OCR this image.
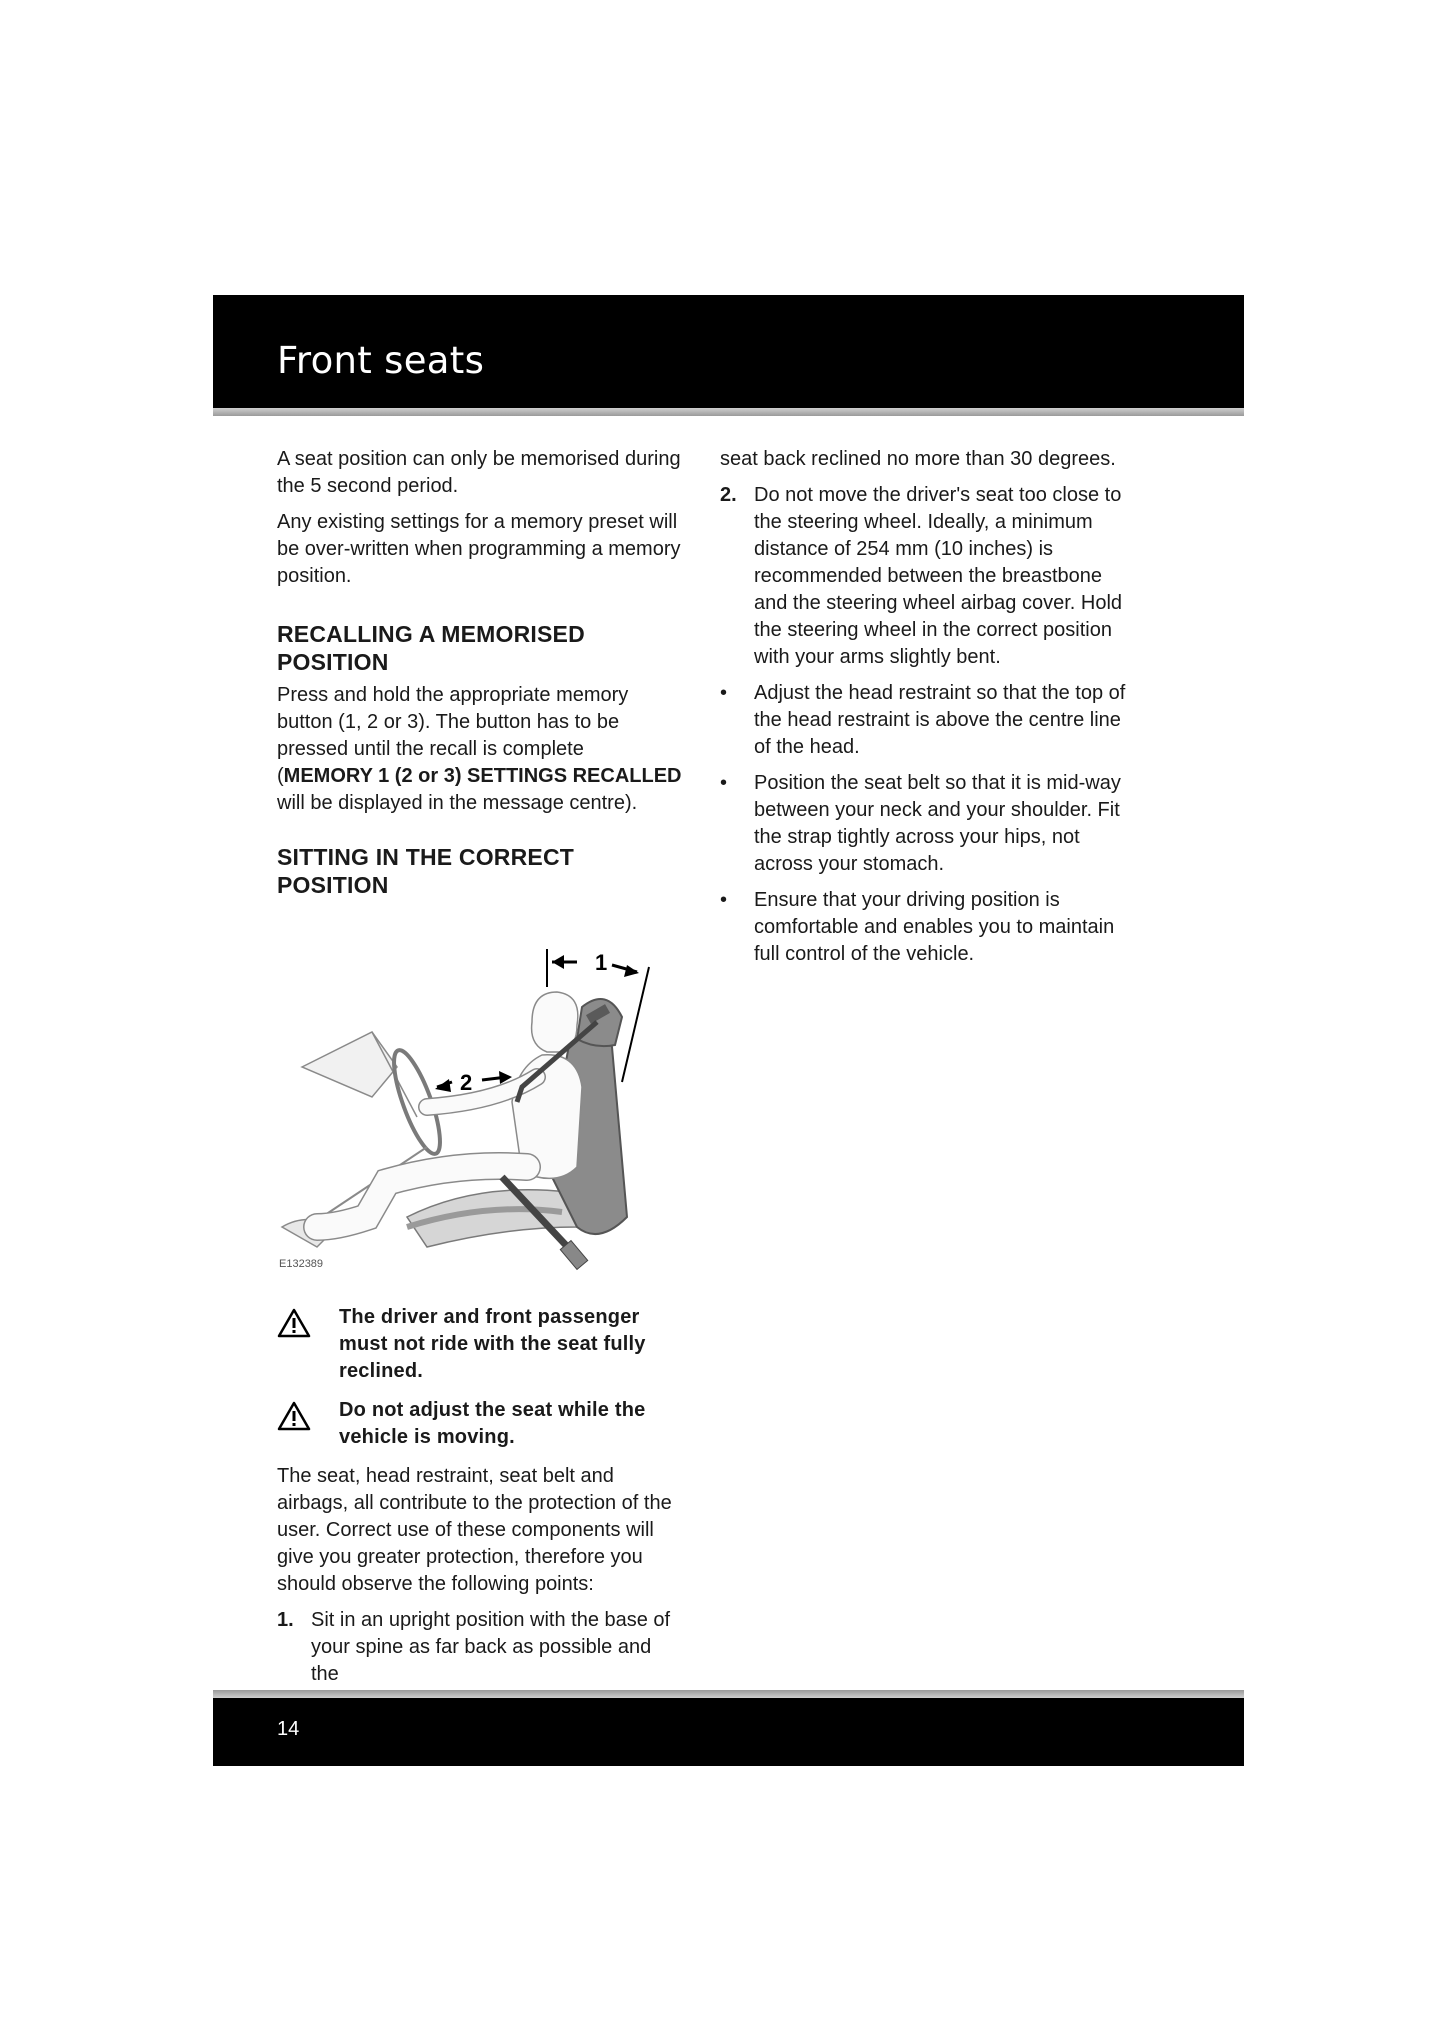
Front seats

A seat position can only be memorised during the 5 second period.

Any existing settings for a memory preset will be over-written when programming a memory position.

RECALLING A MEMORISED POSITION

Press and hold the appropriate memory button (1, 2 or 3). The button has to be pressed until the recall is complete (MEMORY 1 (2 or 3) SETTINGS RECALLED will be displayed in the message centre).

SITTING IN THE CORRECT POSITION
1
2
E132389
The driver and front passenger must not ride with the seat fully reclined.
Do not adjust the seat while the vehicle is moving.

The seat, head restraint, seat belt and airbags, all contribute to the protection of the user. Correct use of these components will give you greater protection, therefore you should observe the following points:

1. Sit in an upright position with the base of your spine as far back as possible and the

seat back reclined no more than 30 degrees.

2. Do not move the driver's seat too close to the steering wheel. Ideally, a minimum distance of 254 mm (10 inches) is recommended between the breastbone and the steering wheel airbag cover. Hold the steering wheel in the correct position with your arms slightly bent.
•	Adjust the head restraint so that the top of the head restraint is above the centre line of the head.
•	Position the seat belt so that it is mid-way between your neck and your shoulder. Fit the strap tightly across your hips, not across your stomach.
•	Ensure that your driving position is comfortable and enables you to maintain full control of the vehicle.
14
